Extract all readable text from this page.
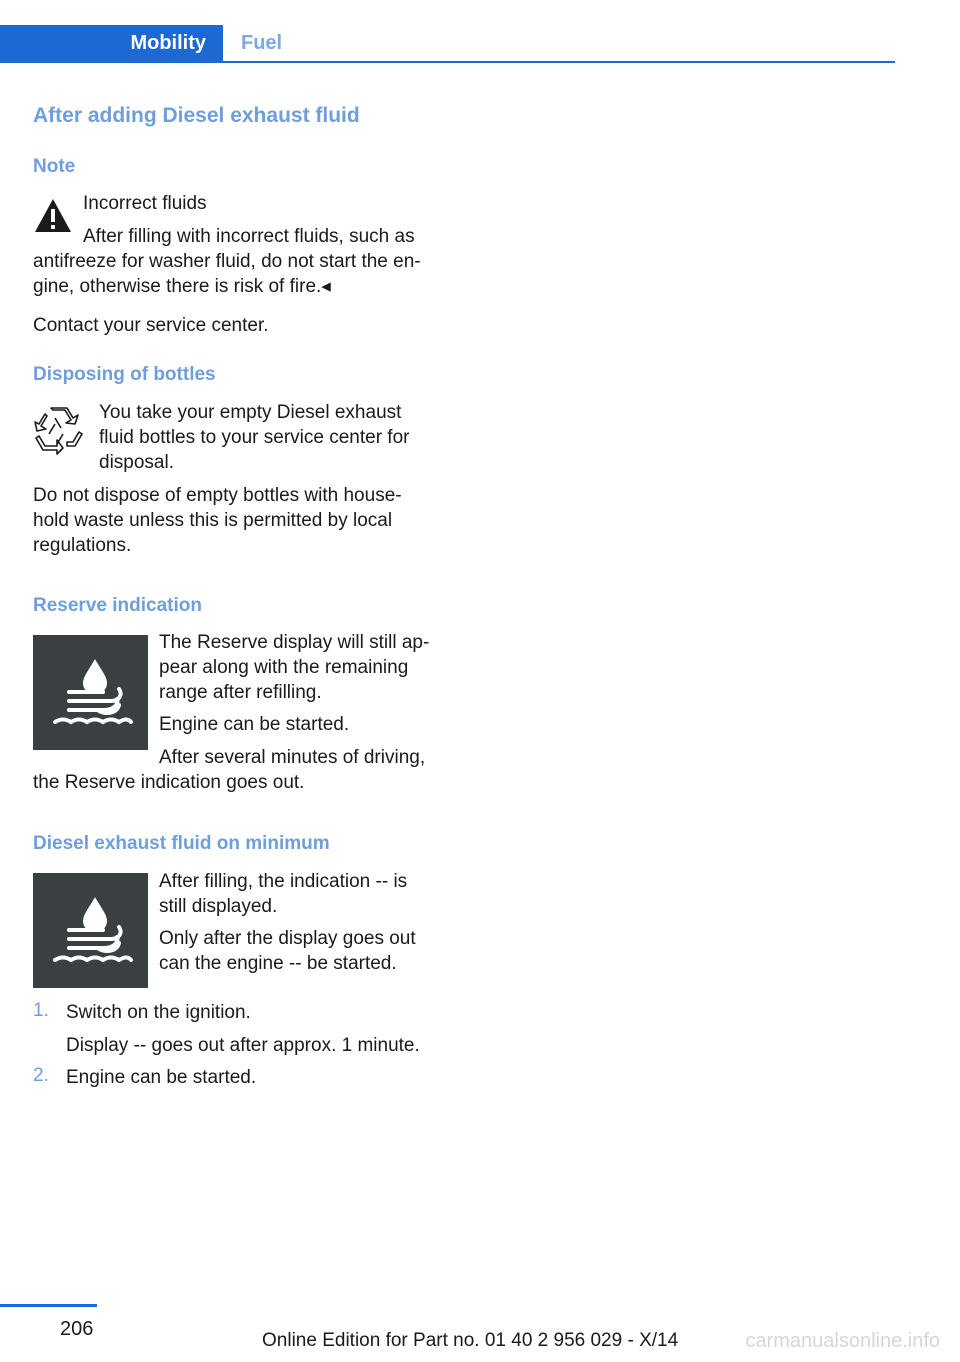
Mobility Fuel
After adding Diesel exhaust fluid
Note
Incorrect fluids
After filling with incorrect fluids, such as
antifreeze for washer fluid, do not start the en-
gine, otherwise there is risk of fire.◂
Contact your service center.
Disposing of bottles
You take your empty Diesel exhaust
fluid bottles to your service center for
disposal.
Do not dispose of empty bottles with house-
hold waste unless this is permitted by local
regulations.
Reserve indication
The Reserve display will still ap-
pear along with the remaining
range after refilling.
Engine can be started.
After several minutes of driving,
the Reserve indication goes out.
Diesel exhaust fluid on minimum
After filling, the indication -- is
still displayed.
Only after the display goes out
can the engine -- be started.
1. Switch on the ignition.
Display -- goes out after approx. 1 minute.
2. Engine can be started.
206
Online Edition for Part no. 01 40 2 956 029 - X/14	carmanualsonline.info
